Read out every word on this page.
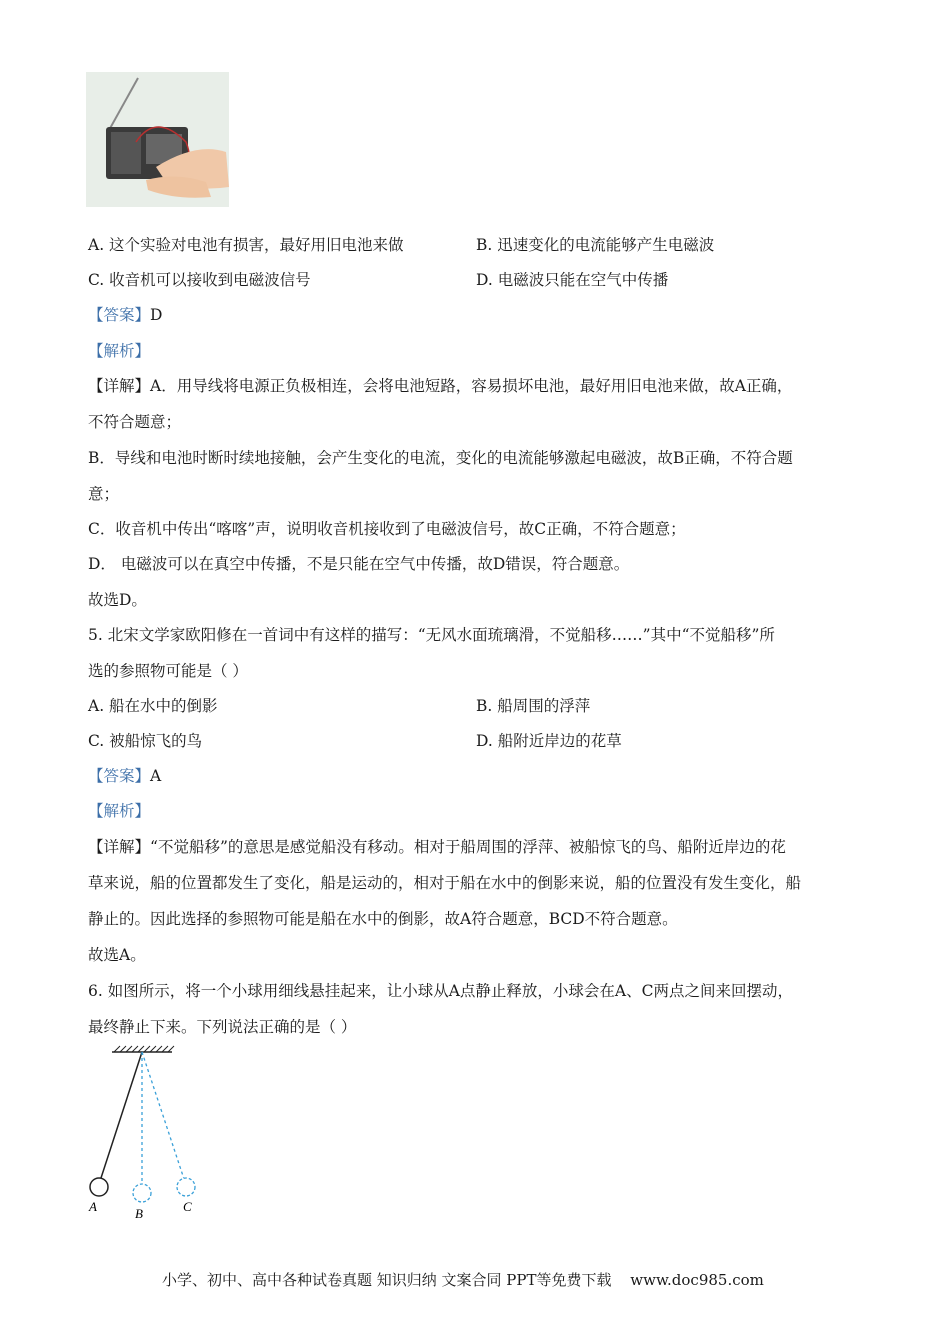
A. 这个实验对电池有损害，最好用旧电池来做	B. 迅速变化的电流能够产生电磁波
C. 收音机可以接收到电磁波信号	D. 电磁波只能在空气中传播
【答案】D
【解析】
【详解】A．用导线将电源正负极相连，会将电池短路，容易损坏电池，最好用旧电池来做，故A正确，
不符合题意；
B．导线和电池时断时续地接触，会产生变化的电流，变化的电流能够激起电磁波，故B正确，不符合题
意；
C．收音机中传出“喀喀”声，说明收音机接收到了电磁波信号，故C正确，不符合题意；
D． 电磁波可以在真空中传播，不是只能在空气中传播，故D错误，符合题意。
故选D。
5. 北宋文学家欧阳修在一首词中有这样的描写：“无风水面琉璃滑，不觉船移……”其中“不觉船移”所
选的参照物可能是（ ）
A. 船在水中的倒影	B. 船周围的浮萍
C. 被船惊飞的鸟	D. 船附近岸边的花草
【答案】A
【解析】
【详解】“不觉船移”的意思是感觉船没有移动。相对于船周围的浮萍、被船惊飞的鸟、船附近岸边的花
草来说，船的位置都发生了变化，船是运动的，相对于船在水中的倒影来说，船的位置没有发生变化，船
静止的。因此选择的参照物可能是船在水中的倒影，故A符合题意，BCD不符合题意。
故选A。
6. 如图所示，将一个小球用细线悬挂起来，让小球从A点静止释放，小球会在A、C两点之间来回摆动，
最终静止下来。下列说法正确的是（ ）
A	B	C
小学、初中、高中各种试卷真题 知识归纳 文案合同 PPT等免费下载 www.doc985.com
